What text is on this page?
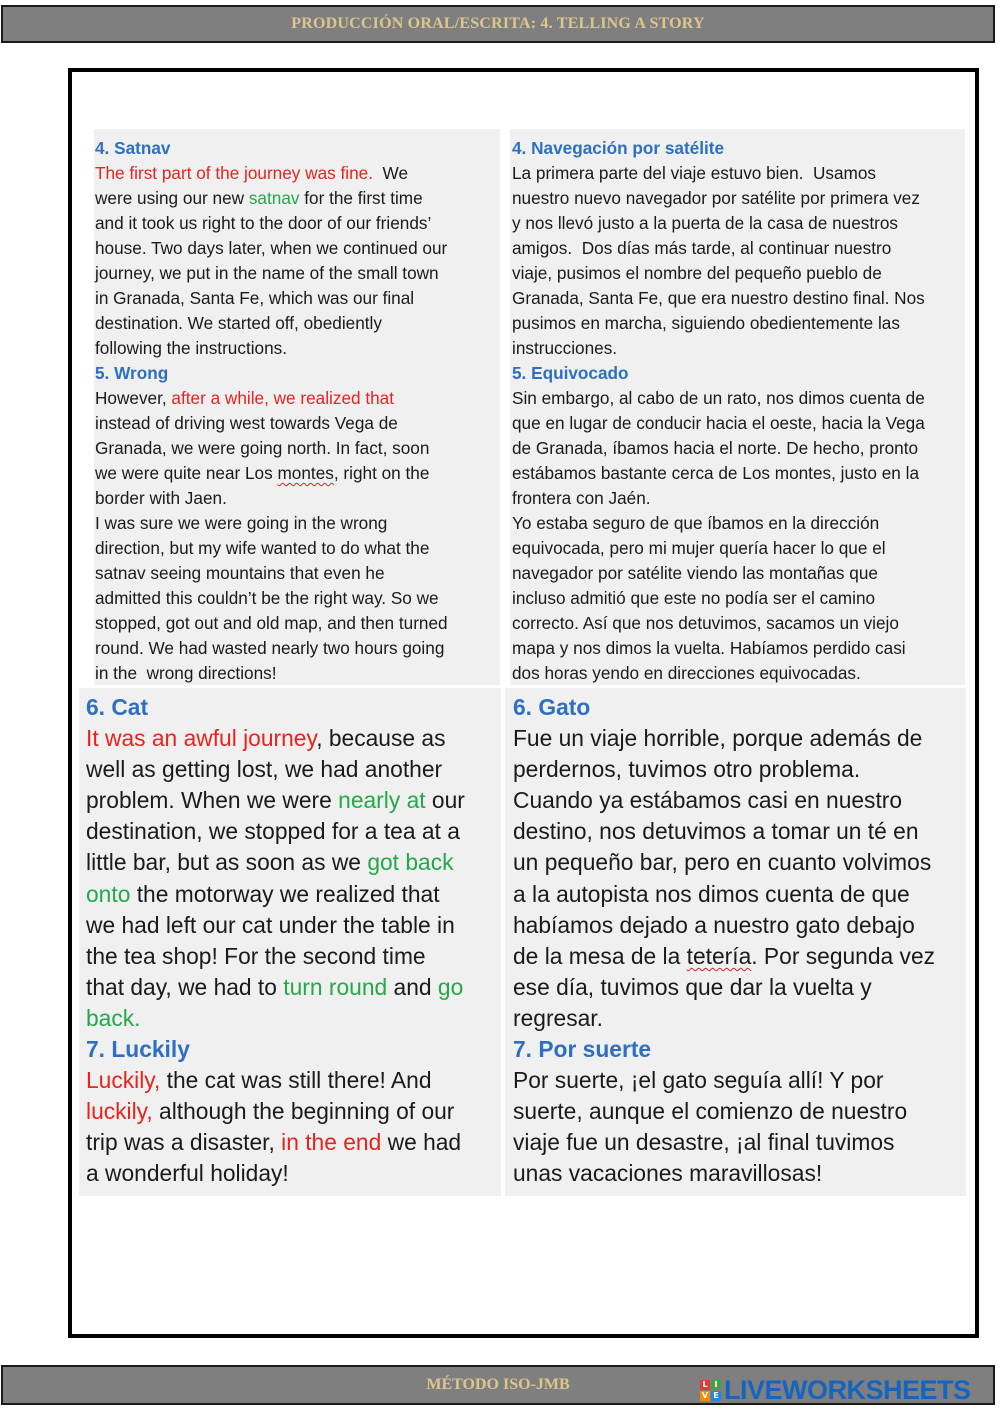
PRODUCCIÓN ORAL/ESCRITA: 4. TELLING A STORY
4. Satnav
The first part of the journey was fine.  We
were using our new satnav for the first time
and it took us right to the door of our friends’
house. Two days later, when we continued our
journey, we put in the name of the small town
in Granada, Santa Fe, which was our final
destination. We started off, obediently
following the instructions.
5. Wrong
However, after a while, we realized that
instead of driving west towards Vega de
Granada, we were going north. In fact, soon
we were quite near Los montes, right on the
border with Jaen.
I was sure we were going in the wrong
direction, but my wife wanted to do what the
satnav seeing mountains that even he
admitted this couldn’t be the right way. So we
stopped, got out and old map, and then turned
round. We had wasted nearly two hours going
in the  wrong directions!
4. Navegación por satélite
La primera parte del viaje estuvo bien.  Usamos
nuestro nuevo navegador por satélite por primera vez
y nos llevó justo a la puerta de la casa de nuestros
amigos.  Dos días más tarde, al continuar nuestro
viaje, pusimos el nombre del pequeño pueblo de
Granada, Santa Fe, que era nuestro destino final. Nos
pusimos en marcha, siguiendo obedientemente las
instrucciones.
5. Equivocado
Sin embargo, al cabo de un rato, nos dimos cuenta de
que en lugar de conducir hacia el oeste, hacia la Vega
de Granada, íbamos hacia el norte. De hecho, pronto
estábamos bastante cerca de Los montes, justo en la
frontera con Jaén.
Yo estaba seguro de que íbamos en la dirección
equivocada, pero mi mujer quería hacer lo que el
navegador por satélite viendo las montañas que
incluso admitió que este no podía ser el camino
correcto. Así que nos detuvimos, sacamos un viejo
mapa y nos dimos la vuelta. Habíamos perdido casi
dos horas yendo en direcciones equivocadas.
6. Cat
It was an awful journey, because as
well as getting lost, we had another
problem. When we were nearly at our
destination, we stopped for a tea at a
little bar, but as soon as we got back
onto the motorway we realized that
we had left our cat under the table in
the tea shop! For the second time
that day, we had to turn round and go
back.
7. Luckily
Luckily, the cat was still there! And
luckily, although the beginning of our
trip was a disaster, in the end we had
a wonderful holiday!
6. Gato
Fue un viaje horrible, porque además de
perdernos, tuvimos otro problema.
Cuando ya estábamos casi en nuestro
destino, nos detuvimos a tomar un té en
un pequeño bar, pero en cuanto volvimos
a la autopista nos dimos cuenta de que
habíamos dejado a nuestro gato debajo
de la mesa de la tetería. Por segunda vez
ese día, tuvimos que dar la vuelta y
regresar.
7. Por suerte
Por suerte, ¡el gato seguía allí! Y por
suerte, aunque el comienzo de nuestro
viaje fue un desastre, ¡al final tuvimos
unas vacaciones maravillosas!
MÉTODO ISO-JMB	L I
V E LIVEWORKSHEETS
